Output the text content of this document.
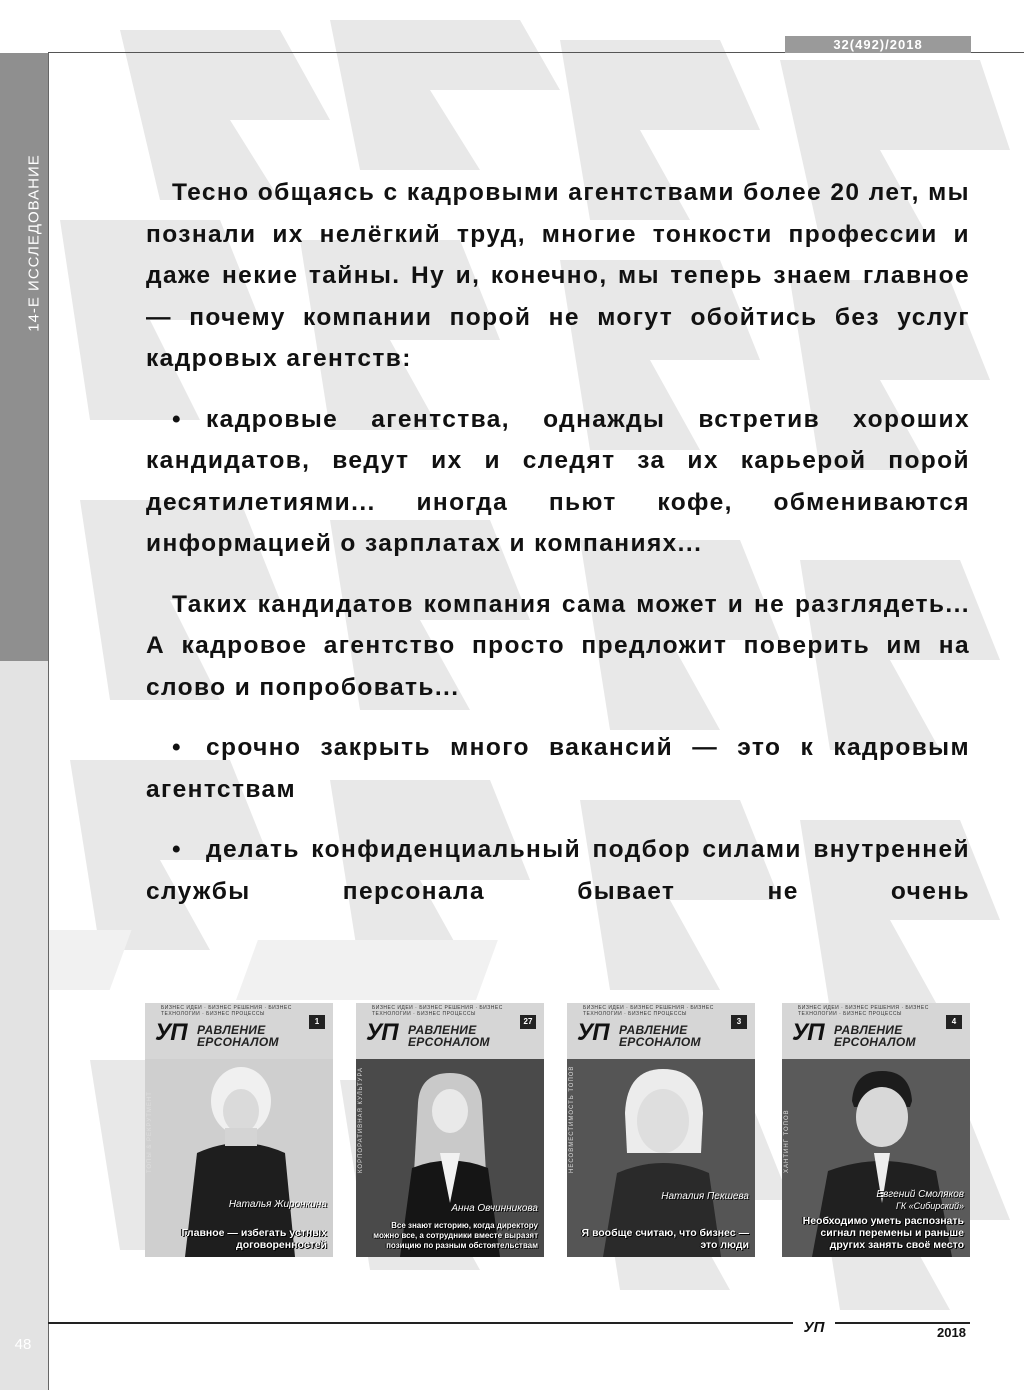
32(492)/2018
14-Е ИССЛЕДОВАНИЕ
48

Тесно общаясь с кадровыми агентствами более 20 лет, мы познали их нелёгкий труд, многие тонкости профессии и даже некие тайны. Ну и, конечно, мы теперь знаем главное — почему компании порой не могут обойтись без услуг кадровых агентств:

• кадровые агентства, однажды встретив хороших кандидатов, ведут их и следят за их карьерой порой десятилетиями... иногда пьют кофе, обмениваются информацией о зарплатах и компаниях...

Таких кандидатов компания сама может и не разглядеть... А кадровое агентство просто предложит поверить им на слово и попробовать...

• срочно закрыть много вакансий — это к кадровым агентствам

• делать конфиденциальный подбор силами внутренней службы персонала бывает не очень

БИЗНЕС ИДЕИ · БИЗНЕС РЕШЕНИЯ · БИЗНЕС ТЕХНОЛОГИИ · БИЗНЕС ПРОЦЕССЫ
УП РАВЛЕНИЕ
ЕРСОНАЛОМ
1
ТОПЫ & РЕКРУТМЕНТ
Наталья Жиронкина
Главное — избегать устных договоренностей
БИЗНЕС ИДЕИ · БИЗНЕС РЕШЕНИЯ · БИЗНЕС ТЕХНОЛОГИИ · БИЗНЕС ПРОЦЕССЫ
УП РАВЛЕНИЕ
ЕРСОНАЛОМ
27
КОРПОРАТИВНАЯ КУЛЬТУРА
Анна Овчинникова
Все знают историю, когда директору можно все, а сотрудники вместе выразят позицию по разным обстоятельствам
БИЗНЕС ИДЕИ · БИЗНЕС РЕШЕНИЯ · БИЗНЕС ТЕХНОЛОГИИ · БИЗНЕС ПРОЦЕССЫ
УП РАВЛЕНИЕ
ЕРСОНАЛОМ
3
НЕСОВМЕСТИМОСТЬ ТОПОВ
Наталия Пекшева
Я вообще считаю, что бизнес — это люди
БИЗНЕС ИДЕИ · БИЗНЕС РЕШЕНИЯ · БИЗНЕС ТЕХНОЛОГИИ · БИЗНЕС ПРОЦЕССЫ
УП РАВЛЕНИЕ
ЕРСОНАЛОМ
4
ХАНТИНГ ТОПОВ
Евгений Смоляков
ГК «Сибирский»
Необходимо уметь распознать сигнал перемены и раньше других занять своё место
УП	2018
